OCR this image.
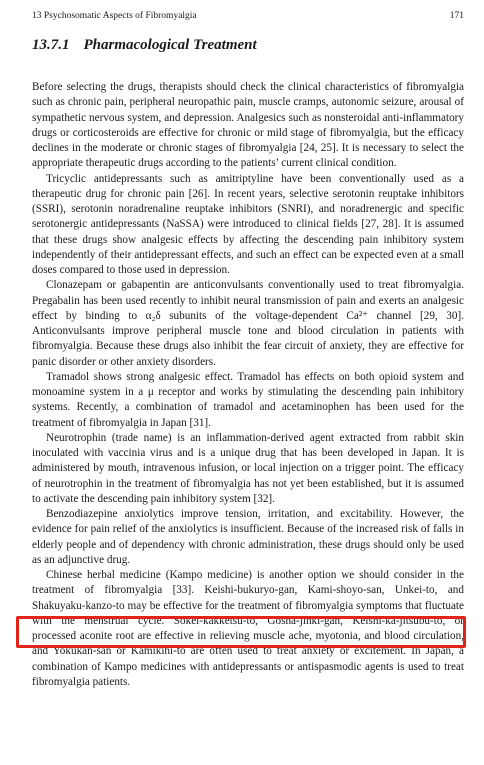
13 Psychosomatic Aspects of Fibromyalgia	171
13.7.1 Pharmacological Treatment

Before selecting the drugs, therapists should check the clinical characteristics of fibromyalgia such as chronic pain, peripheral neuropathic pain, muscle cramps, autonomic seizure, arousal of sympathetic nervous system, and depression. Analgesics such as nonsteroidal anti-inflammatory drugs or corticosteroids are effective for chronic or mild stage of fibromyalgia, but the efficacy declines in the moderate or chronic stages of fibromyalgia [24, 25]. It is necessary to select the appropriate therapeutic drugs according to the patients’ current clinical condition.

Tricyclic antidepressants such as amitriptyline have been conventionally used as a therapeutic drug for chronic pain [26]. In recent years, selective serotonin reuptake inhibitors (SSRI), serotonin noradrenaline reuptake inhibitors (SNRI), and noradrenergic and specific serotonergic antidepressants (NaSSA) were introduced to clinical fields [27, 28]. It is assumed that these drugs show analgesic effects by affecting the descending pain inhibitory system independently of their antidepressant effects, and such an effect can be expected even at a small doses compared to those used in depression.

Clonazepam or gabapentin are anticonvulsants conventionally used to treat fibromyalgia. Pregabalin has been used recently to inhibit neural transmission of pain and exerts an analgesic effect by binding to α₂δ subunits of the voltage-dependent Ca²⁺ channel [29, 30]. Anticonvulsants improve peripheral muscle tone and blood circulation in patients with fibromyalgia. Because these drugs also inhibit the fear circuit of anxiety, they are effective for panic disorder or other anxiety disorders.

Tramadol shows strong analgesic effect. Tramadol has effects on both opioid system and monoamine system in a μ receptor and works by stimulating the descending pain inhibitory systems. Recently, a combination of tramadol and acetaminophen has been used for the treatment of fibromyalgia in Japan [31].

Neurotrophin (trade name) is an inflammation-derived agent extracted from rabbit skin inoculated with vaccinia virus and is a unique drug that has been developed in Japan. It is administered by mouth, intravenous infusion, or local injection on a trigger point. The efficacy of neurotrophin in the treatment of fibromyalgia has not yet been established, but it is assumed to activate the descending pain inhibitory system [32].

Benzodiazepine anxiolytics improve tension, irritation, and excitability. However, the evidence for pain relief of the anxiolytics is insufficient. Because of the increased risk of falls in elderly people and of dependency with chronic administration, these drugs should only be used as an adjunctive drug.

Chinese herbal medicine (Kampo medicine) is another option we should consider in the treatment of fibromyalgia [33]. Keishi-bukuryo-gan, Kami-shoyo-san, Unkei-to, and Shakuyaku-kanzo-to may be effective for the treatment of fibromyalgia symptoms that fluctuate with the menstrual cycle. Sokei-kakketsu-to, Gosha-jinki-gan, Keishi-ka-jitsubu-to, or processed aconite root are effective in relieving muscle ache, myotonia, and blood circulation, and Yokukan-san or Kamikihi-to are often used to treat anxiety or excitement. In Japan, a combination of Kampo medicines with antidepressants or antispasmodic agents is used to treat fibromyalgia patients.
